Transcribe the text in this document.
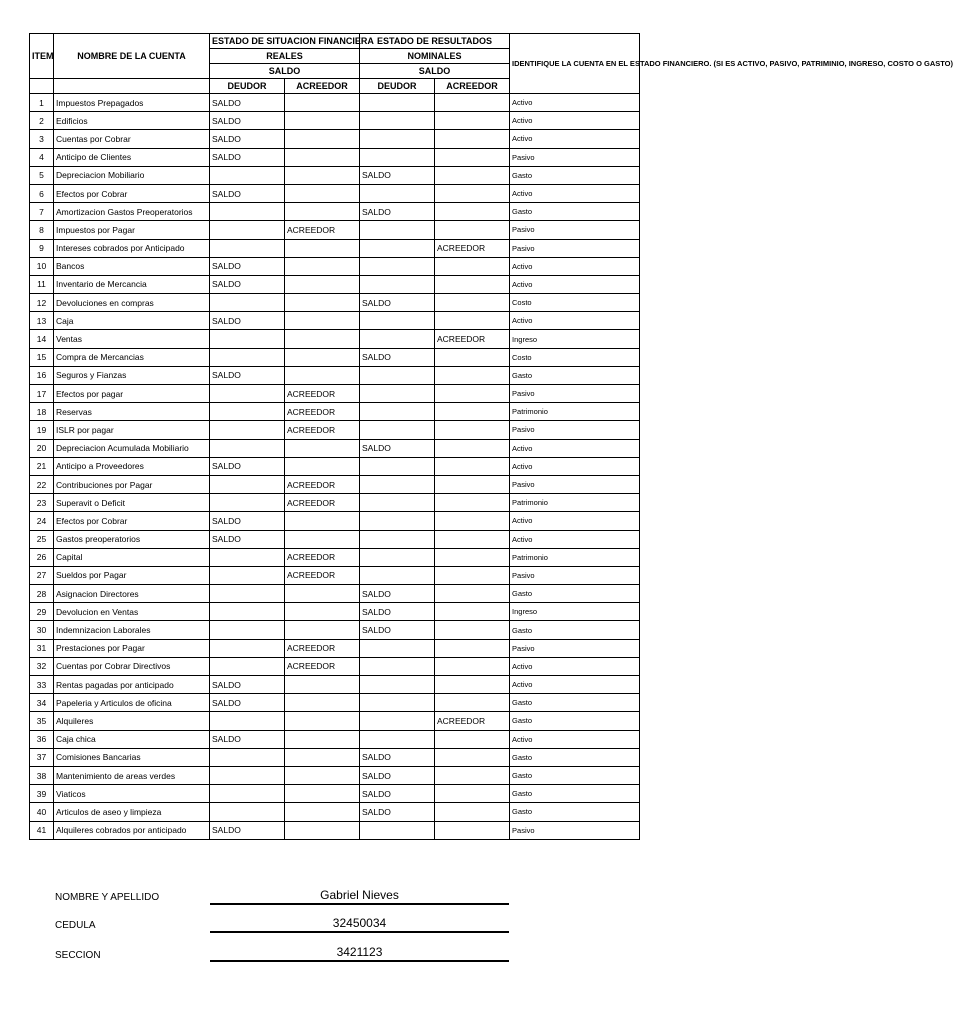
ITEM	NOMBRE DE LA CUENTA	ESTADO DE SITUACION FINANCIERA		ESTADO DE RESULTADOS		IDENTIFIQUE LA CUENTA EN EL ESTADO FINANCIERO. (SI ES ACTIVO, PASIVO, PATRIMINIO, INGRESO, COSTO O GASTO)
		REALES		NOMINALES		
		SALDO		SALDO		
		DEUDOR	ACREEDOR	DEUDOR	ACREEDOR	
1	Impuestos Prepagados	SALDO				Activo
2	Edificios	SALDO				Activo
3	Cuentas por Cobrar	SALDO				Activo
4	Anticipo de Clientes	SALDO				Pasivo
5	Depreciacion Mobiliario			SALDO		Gasto
6	Efectos por Cobrar	SALDO				Activo
7	Amortizacion Gastos Preoperatorios			SALDO		Gasto
8	Impuestos por Pagar		ACREEDOR			Pasivo
9	Intereses cobrados por Anticipado				ACREEDOR	Pasivo
10	Bancos	SALDO				Activo
11	Inventario de Mercancia	SALDO				Activo
12	Devoluciones en compras			SALDO		Costo
13	Caja	SALDO				Activo
14	Ventas				ACREEDOR	Ingreso
15	Compra de Mercancias			SALDO		Costo
16	Seguros y Fianzas	SALDO				Gasto
17	Efectos por pagar		ACREEDOR			Pasivo
18	Reservas		ACREEDOR			Patrimonio
19	ISLR por pagar		ACREEDOR			Pasivo
20	Depreciacion Acumulada Mobiliario			SALDO		Activo
21	Anticipo a Proveedores	SALDO				Activo
22	Contribuciones por Pagar		ACREEDOR			Pasivo
23	Superavit o Deficit		ACREEDOR			Patrimonio
24	Efectos por Cobrar	SALDO				Activo
25	Gastos preoperatorios	SALDO				Activo
26	Capital		ACREEDOR			Patrimonio
27	Sueldos por Pagar		ACREEDOR			Pasivo
28	Asignacion Directores			SALDO		Gasto
29	Devolucion en Ventas			SALDO		Ingreso
30	Indemnizacion Laborales			SALDO		Gasto
31	Prestaciones por Pagar		ACREEDOR			Pasivo
32	Cuentas por Cobrar Directivos		ACREEDOR			Activo
33	Rentas pagadas por anticipado	SALDO				Activo
34	Papeleria y Articulos de oficina	SALDO				Gasto
35	Alquileres				ACREEDOR	Gasto
36	Caja chica	SALDO				Activo
37	Comisiones Bancarias			SALDO		Gasto
38	Mantenimiento de areas verdes			SALDO		Gasto
39	Viaticos			SALDO		Gasto
40	Articulos de aseo y limpieza			SALDO		Gasto
41	Alquileres cobrados por anticipado	SALDO				Pasivo
NOMBRE Y APELLIDO	Gabriel Nieves
CEDULA	32450034
SECCION	3421123
